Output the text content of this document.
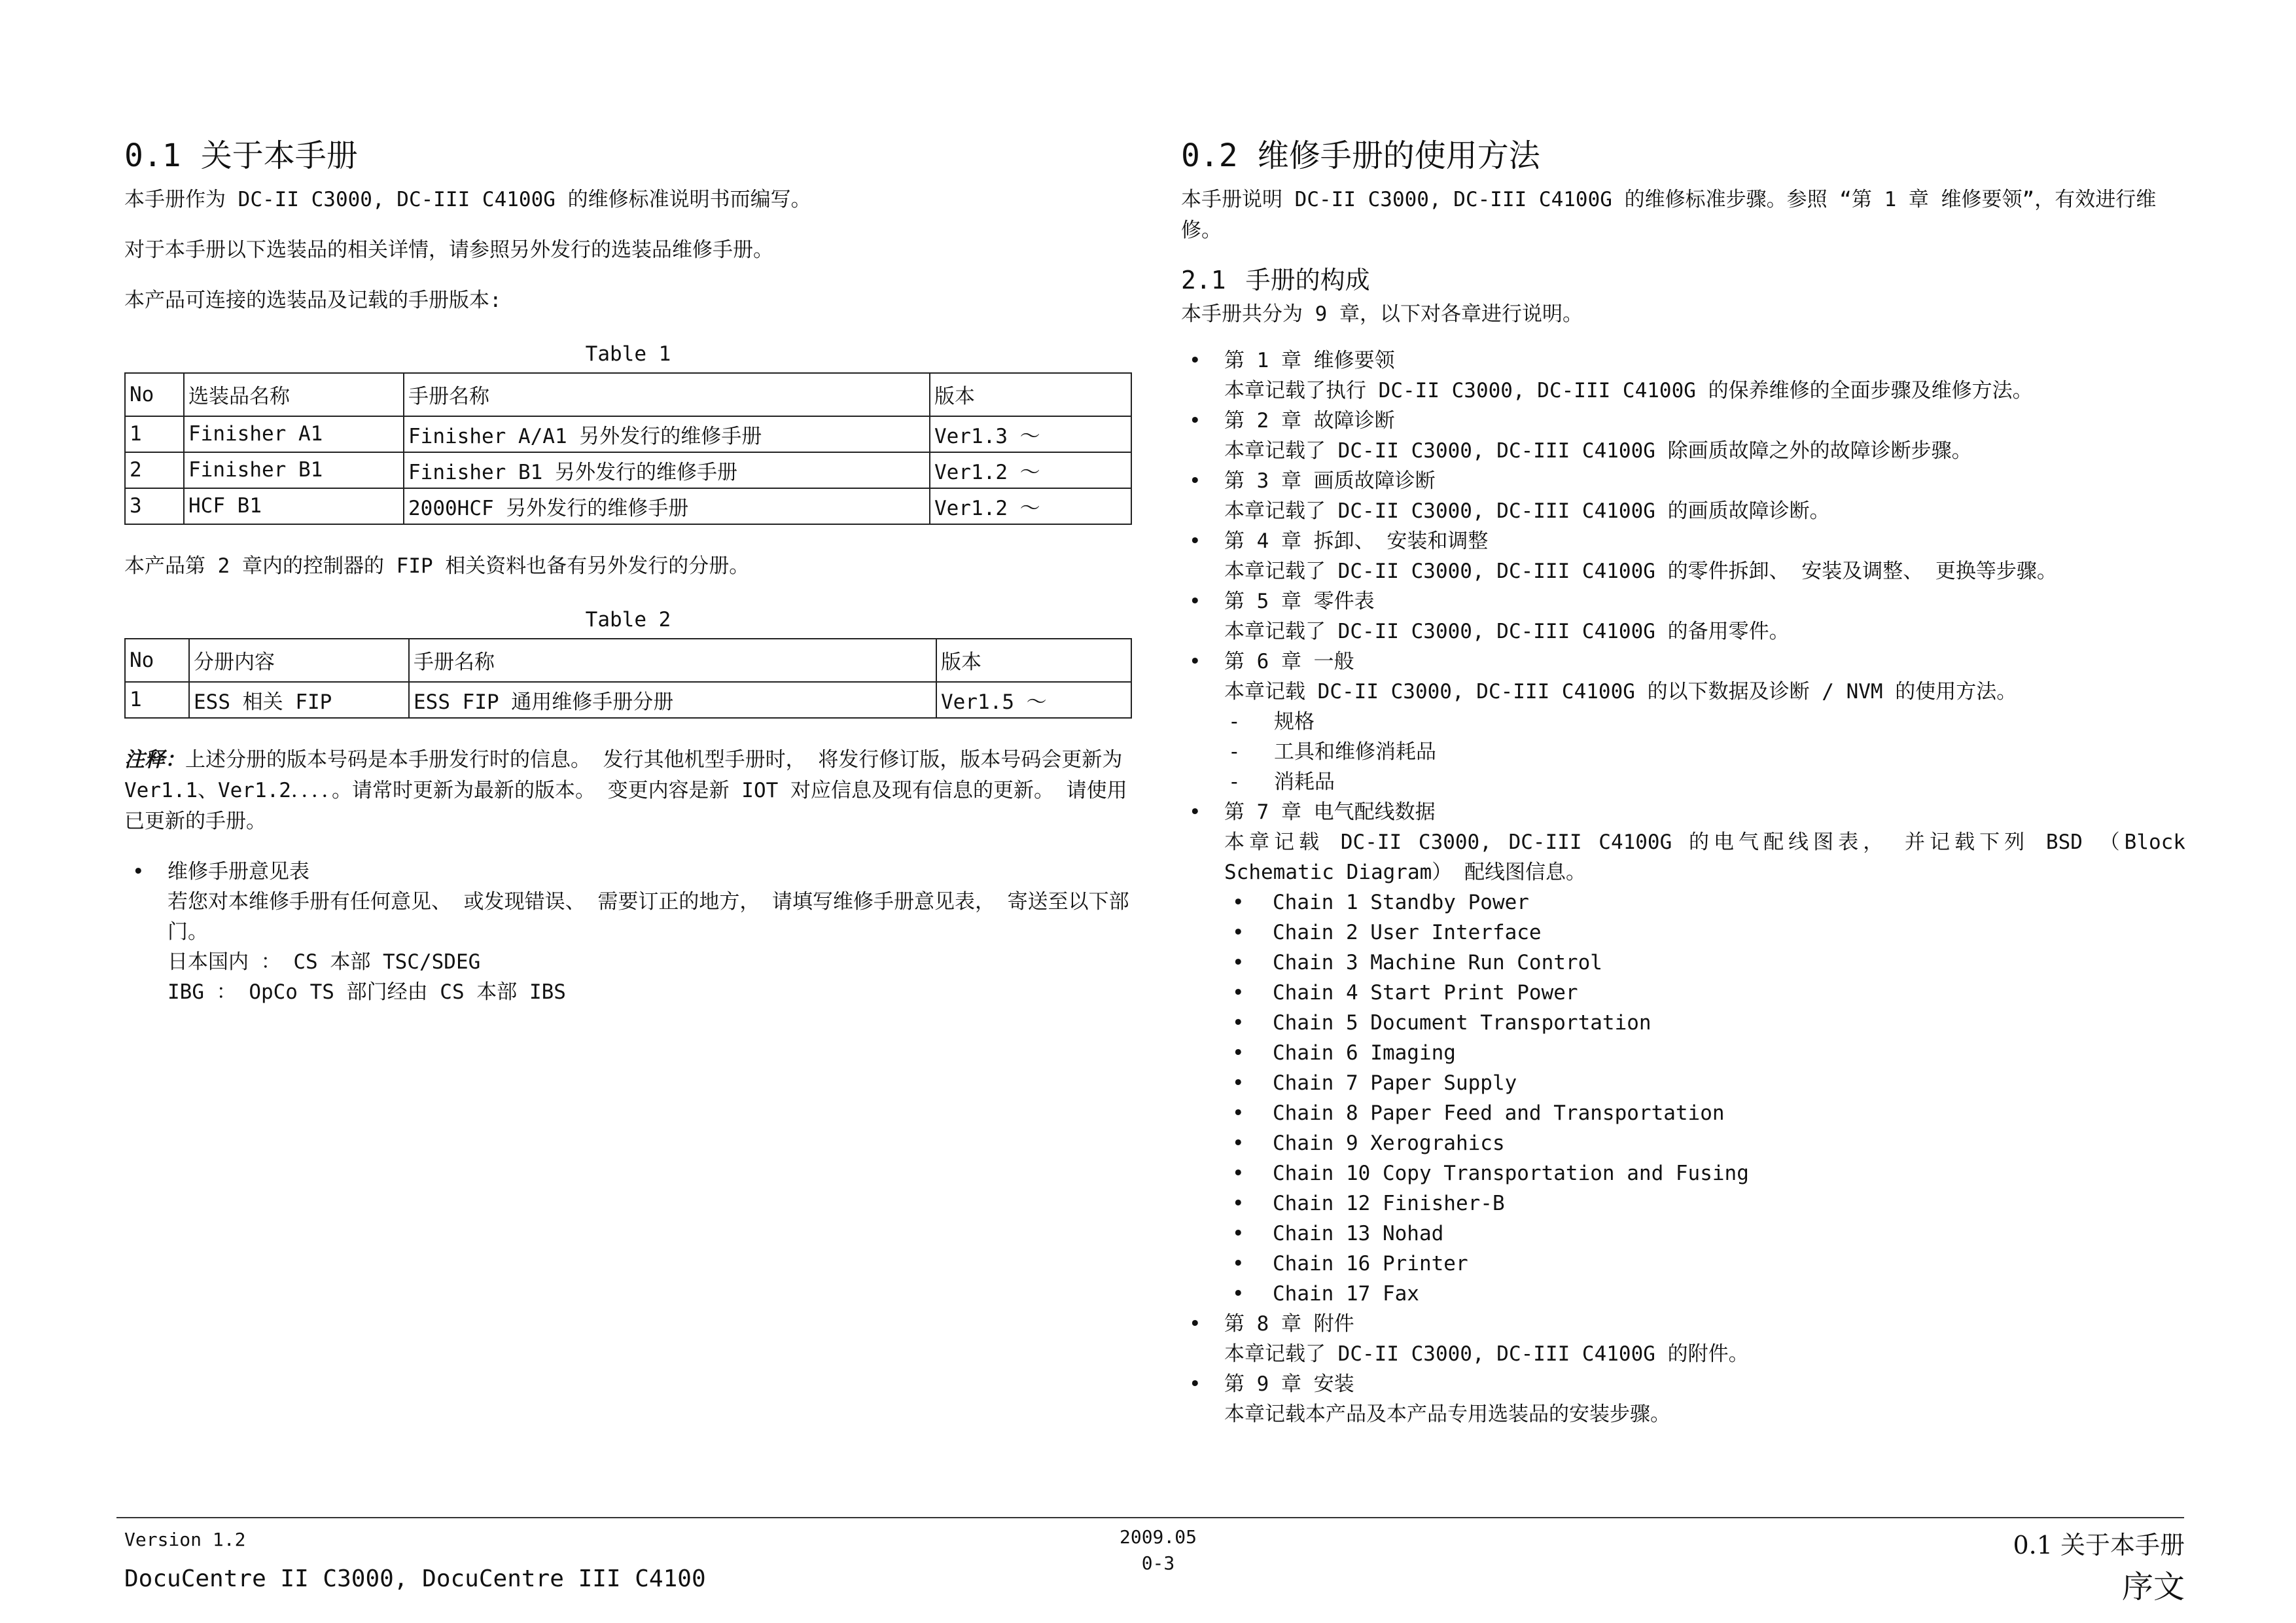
0.1 关于本手册

本手册作为 DC-II C3000, DC-III C4100G 的维修标准说明书而编写。

对于本手册以下选装品的相关详情，请参照另外发行的选装品维修手册。

本产品可连接的选装品及记载的手册版本:

Table 1
No	选装品名称	手册名称	版本
1	Finisher A1	Finisher A/A1 另外发行的维修手册	Ver1.3 ～
2	Finisher B1	Finisher B1 另外发行的维修手册	Ver1.2 ～
3	HCF B1	2000HCF 另外发行的维修手册	Ver1.2 ～

本产品第 2 章内的控制器的 FIP 相关资料也备有另外发行的分册。

Table 2
No	分册内容	手册名称	版本
1	ESS 相关 FIP	ESS FIP 通用维修手册分册	Ver1.5 ～

注释：上述分册的版本号码是本手册发行时的信息。 发行其他机型手册时， 将发行修订版，版本号码会更新为 Ver1.1、Ver1.2．．．．。请常时更新为最新的版本。 变更内容是新 IOT 对应信息及现有信息的更新。 请使用已更新的手册。

• 维修手册意见表
若您对本维修手册有任何意见、 或发现错误、 需要订正的地方， 请填写维修手册意见表， 寄送至以下部门。
日本国内 ： CS 本部 TSC/SDEG
IBG ： OpCo TS 部门经由 CS 本部 IBS
0.2 维修手册的使用方法

本手册说明 DC-II C3000, DC-III C4100G 的维修标准步骤。参照 “第 1 章 维修要领”，有效进行维修。

2.1 手册的构成

本手册共分为 9 章，以下对各章进行说明。

• 第 1 章 维修要领
本章记载了执行 DC-II C3000, DC-III C4100G 的保养维修的全面步骤及维修方法。
• 第 2 章 故障诊断
本章记载了 DC-II C3000, DC-III C4100G 除画质故障之外的故障诊断步骤。
• 第 3 章 画质故障诊断
本章记载了 DC-II C3000, DC-III C4100G 的画质故障诊断。
• 第 4 章 拆卸、 安装和调整
本章记载了 DC-II C3000, DC-III C4100G 的零件拆卸、 安装及调整、 更换等步骤。
• 第 5 章 零件表
本章记载了 DC-II C3000, DC-III C4100G 的备用零件。
• 第 6 章 一般
本章记载 DC-II C3000, DC-III C4100G 的以下数据及诊断 / NVM 的使用方法。
- 规格
- 工具和维修消耗品
- 消耗品
• 第 7 章 电气配线数据
本章记载 DC-II C3000, DC-III C4100G 的电气配线图表， 并记载下列 BSD （Block Schematic Diagram） 配线图信息。
• Chain 1 Standby Power
• Chain 2 User Interface
• Chain 3 Machine Run Control
• Chain 4 Start Print Power
• Chain 5 Document Transportation
• Chain 6 Imaging
• Chain 7 Paper Supply
• Chain 8 Paper Feed and Transportation
• Chain 9 Xerograhics
• Chain 10 Copy Transportation and Fusing
• Chain 12 Finisher-B
• Chain 13 Nohad
• Chain 16 Printer
• Chain 17 Fax
• 第 8 章 附件
本章记载了 DC-II C3000, DC-III C4100G 的附件。
• 第 9 章 安装
本章记载本产品及本产品专用选装品的安装步骤。
Version 1.2
DocuCentre II C3000, DocuCentre III C4100
2009.05
0-3
0.1 关于本手册
序文
